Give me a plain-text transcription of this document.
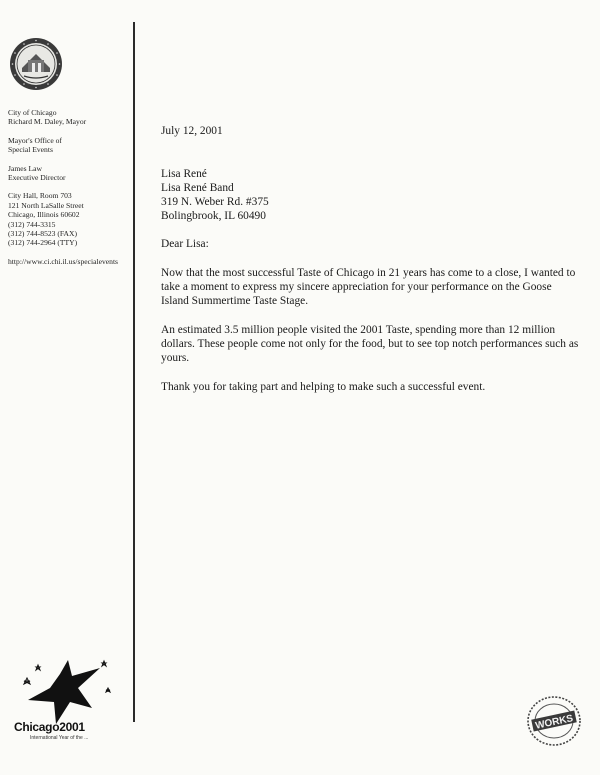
City of Chicago
Richard M. Daley, Mayor
Mayor's Office of
Special Events
James Law
Executive Director
City Hall, Room 703
121 North LaSalle Street
Chicago, Illinois 60602
(312) 744-3315
(312) 744-8523 (FAX)
(312) 744-2964 (TTY)
http://www.ci.chi.il.us/specialevents
July 12, 2001
Lisa René
Lisa René Band
319 N. Weber Rd. #375
Bolingbrook, IL 60490
Dear Lisa:

Now that the most successful Taste of Chicago in 21 years has come to a close, I wanted to take a moment to express my sincere appreciation for your performance on the Goose Island Summertime Taste Stage.

An estimated 3.5 million people visited the 2001 Taste, spending more than 12 million dollars. These people come not only for the food, but to see top notch performances such as yours.

Thank you for taking part and helping to make such a successful event.

Chicago2001
International Year of the ...
WORKS
